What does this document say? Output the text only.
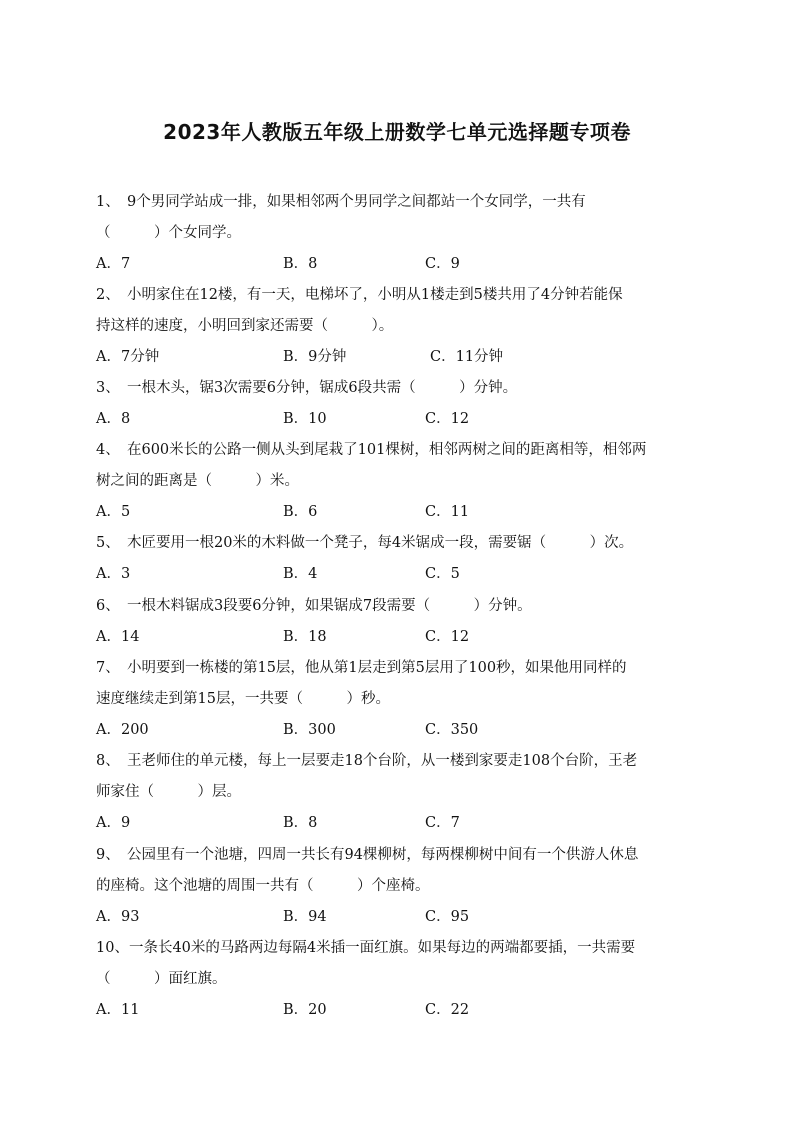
2023年人教版五年级上册数学七单元选择题专项卷
1、　9个男同学站成一排，如果相邻两个男同学之间都站一个女同学，一共有
（　　　）个女同学。
A．7	B．8	C．9
2、　小明家住在12楼，有一天，电梯坏了，小明从1楼走到5楼共用了4分钟若能保
持这样的速度，小明回到家还需要（　　　）。
A．7分钟	B．9分钟	C．11分钟
3、　一根木头，锯3次需要6分钟，锯成6段共需（　　　）分钟。
A．8	B．10	C．12
4、　在600米长的公路一侧从头到尾栽了101棵树，相邻两树之间的距离相等，相邻两
树之间的距离是（　　　）米。
A．5	B．6	C．11
5、　木匠要用一根20米的木料做一个凳子，每4米锯成一段，需要锯（　　　）次。
A．3	B．4	C．5
6、　一根木料锯成3段要6分钟，如果锯成7段需要（　　　）分钟。
A．14	B．18	C．12
7、　小明要到一栋楼的第15层，他从第1层走到第5层用了100秒，如果他用同样的
速度继续走到第15层，一共要（　　　）秒。
A．200	B．300	C．350
8、　王老师住的单元楼，每上一层要走18个台阶，从一楼到家要走108个台阶，王老
师家住（　　　）层。
A．9	B．8	C．7
9、　公园里有一个池塘，四周一共长有94棵柳树，每两棵柳树中间有一个供游人休息
的座椅。这个池塘的周围一共有（　　　）个座椅。
A．93	B．94	C．95
10、一条长40米的马路两边每隔4米插一面红旗。如果每边的两端都要插，一共需要
（　　　）面红旗。
A．11	B．20	C．22
